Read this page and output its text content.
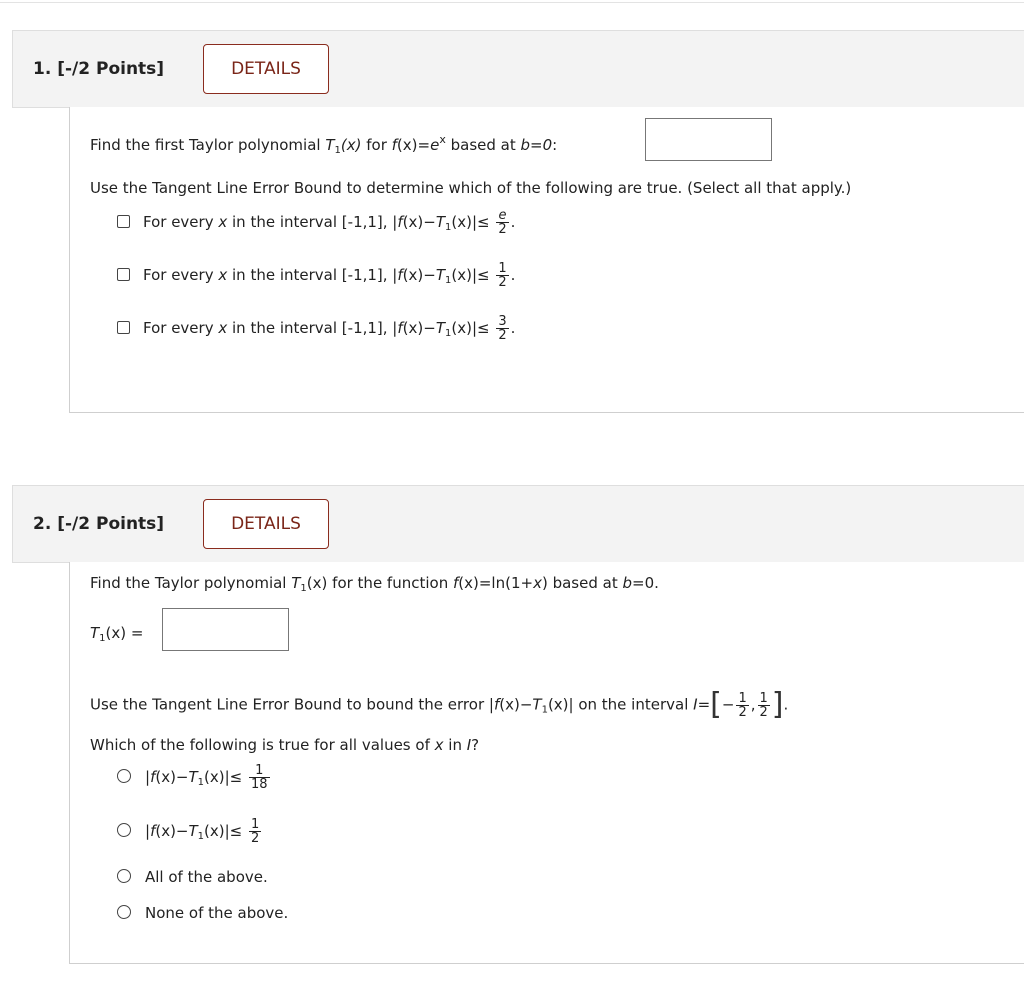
1. [-/2 Points]	DETAILS
Find the first Taylor polynomial $T_1(x)$ for $f(x)=e^x$ based at b=0:
Use the Tangent Line Error Bound to determine which of the following are true. (Select all that apply.)
For every x in the interval [-1,1], $|f(x)-T_1(x)|\le \frac{e}{2}$ .
For every x in the interval [-1,1], $|f(x)-T_1(x)|\le \frac{1}{2}$ .
For every x in the interval [-1,1], $|f(x)-T_1(x)|\le \frac{3}{2}$ .
2. [-/2 Points]	DETAILS
Find the Taylor polynomial $T_1(x)$ for the function f(x)=ln(1+x) based at b=0.
$T_1(x)$ =
Use the Tangent Line Error Bound to bound the error $|f(x)-T_1(x)|$ on the interval $I=[- \frac{1}{2}$ , $\frac{1}{2}$ ].
Which of the following is true for all values of x in I?
$|f(x)-T_1(x)|\le \frac{1}{18}$
$|f(x)-T_1(x)|\le \frac{1}{2}$
All of the above.
None of the above.
